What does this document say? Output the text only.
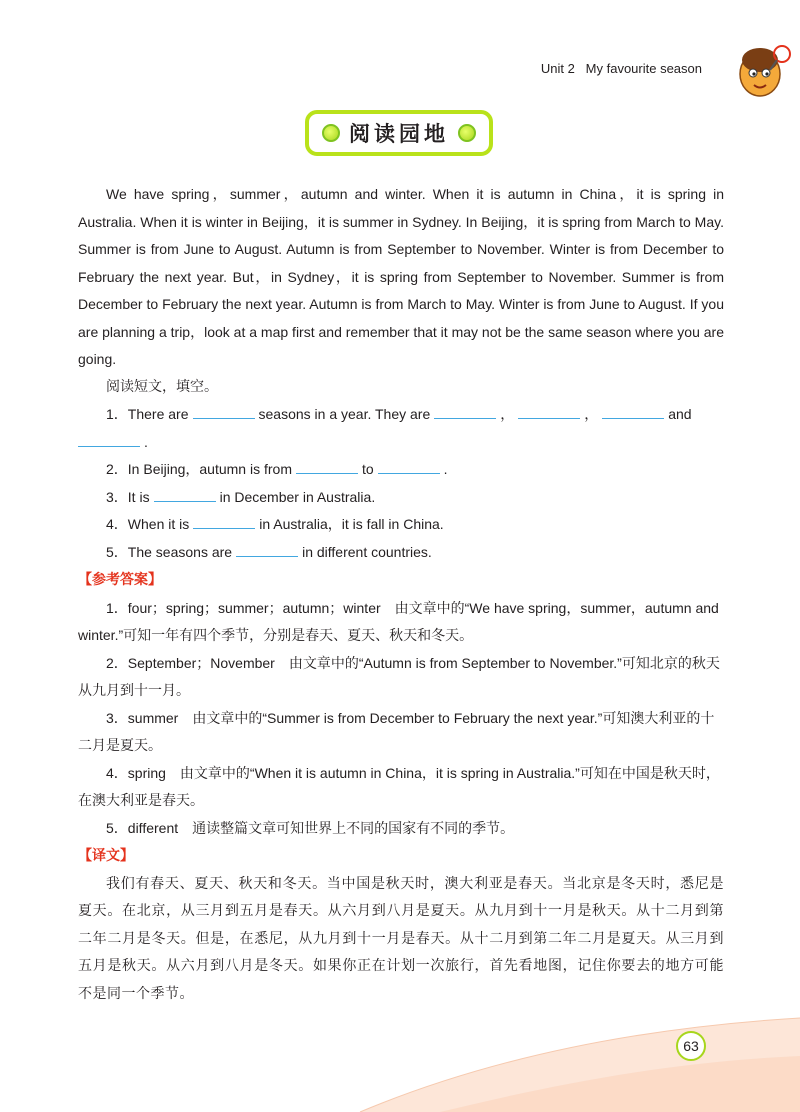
Unit 2 My favourite season
阅读园地

We have spring，summer，autumn and winter. When it is autumn in China，it is spring in Australia. When it is winter in Beijing，it is summer in Sydney. In Beijing，it is spring from March to May. Summer is from June to August. Autumn is from September to November. Winter is from December to February the next year. But，in Sydney，it is spring from September to November. Summer is from December to February the next year. Autumn is from March to May. Winter is from June to August. If you are planning a trip，look at a map first and remember that it may not be the same season where you are going.

阅读短文，填空。

1．There are	seasons in a year. They are	，	，	and

.

2．In Beijing，autumn is from	to	.

3．It is	in December in Australia.

4．When it is	in Australia，it is fall in China.

5．The seasons are	in different countries.

【参考答案】

1．four；spring；summer；autumn；winter　由文章中的“We have spring，summer，autumn and winter.”可知一年有四个季节，分别是春天、夏天、秋天和冬天。

2．September；November　由文章中的“Autumn is from September to November.”可知北京的秋天从九月到十一月。

3．summer　由文章中的“Summer is from December to February the next year.”可知澳大利亚的十二月是夏天。

4．spring　由文章中的“When it is autumn in China，it is spring in Australia.”可知在中国是秋天时，在澳大利亚是春天。

5．different　通读整篇文章可知世界上不同的国家有不同的季节。

【译文】

我们有春天、夏天、秋天和冬天。当中国是秋天时，澳大利亚是春天。当北京是冬天时，悉尼是夏天。在北京，从三月到五月是春天。从六月到八月是夏天。从九月到十一月是秋天。从十二月到第二年二月是冬天。但是，在悉尼，从九月到十一月是春天。从十二月到第二年二月是夏天。从三月到五月是秋天。从六月到八月是冬天。如果你正在计划一次旅行，首先看地图，记住你要去的地方可能不是同一个季节。

63
